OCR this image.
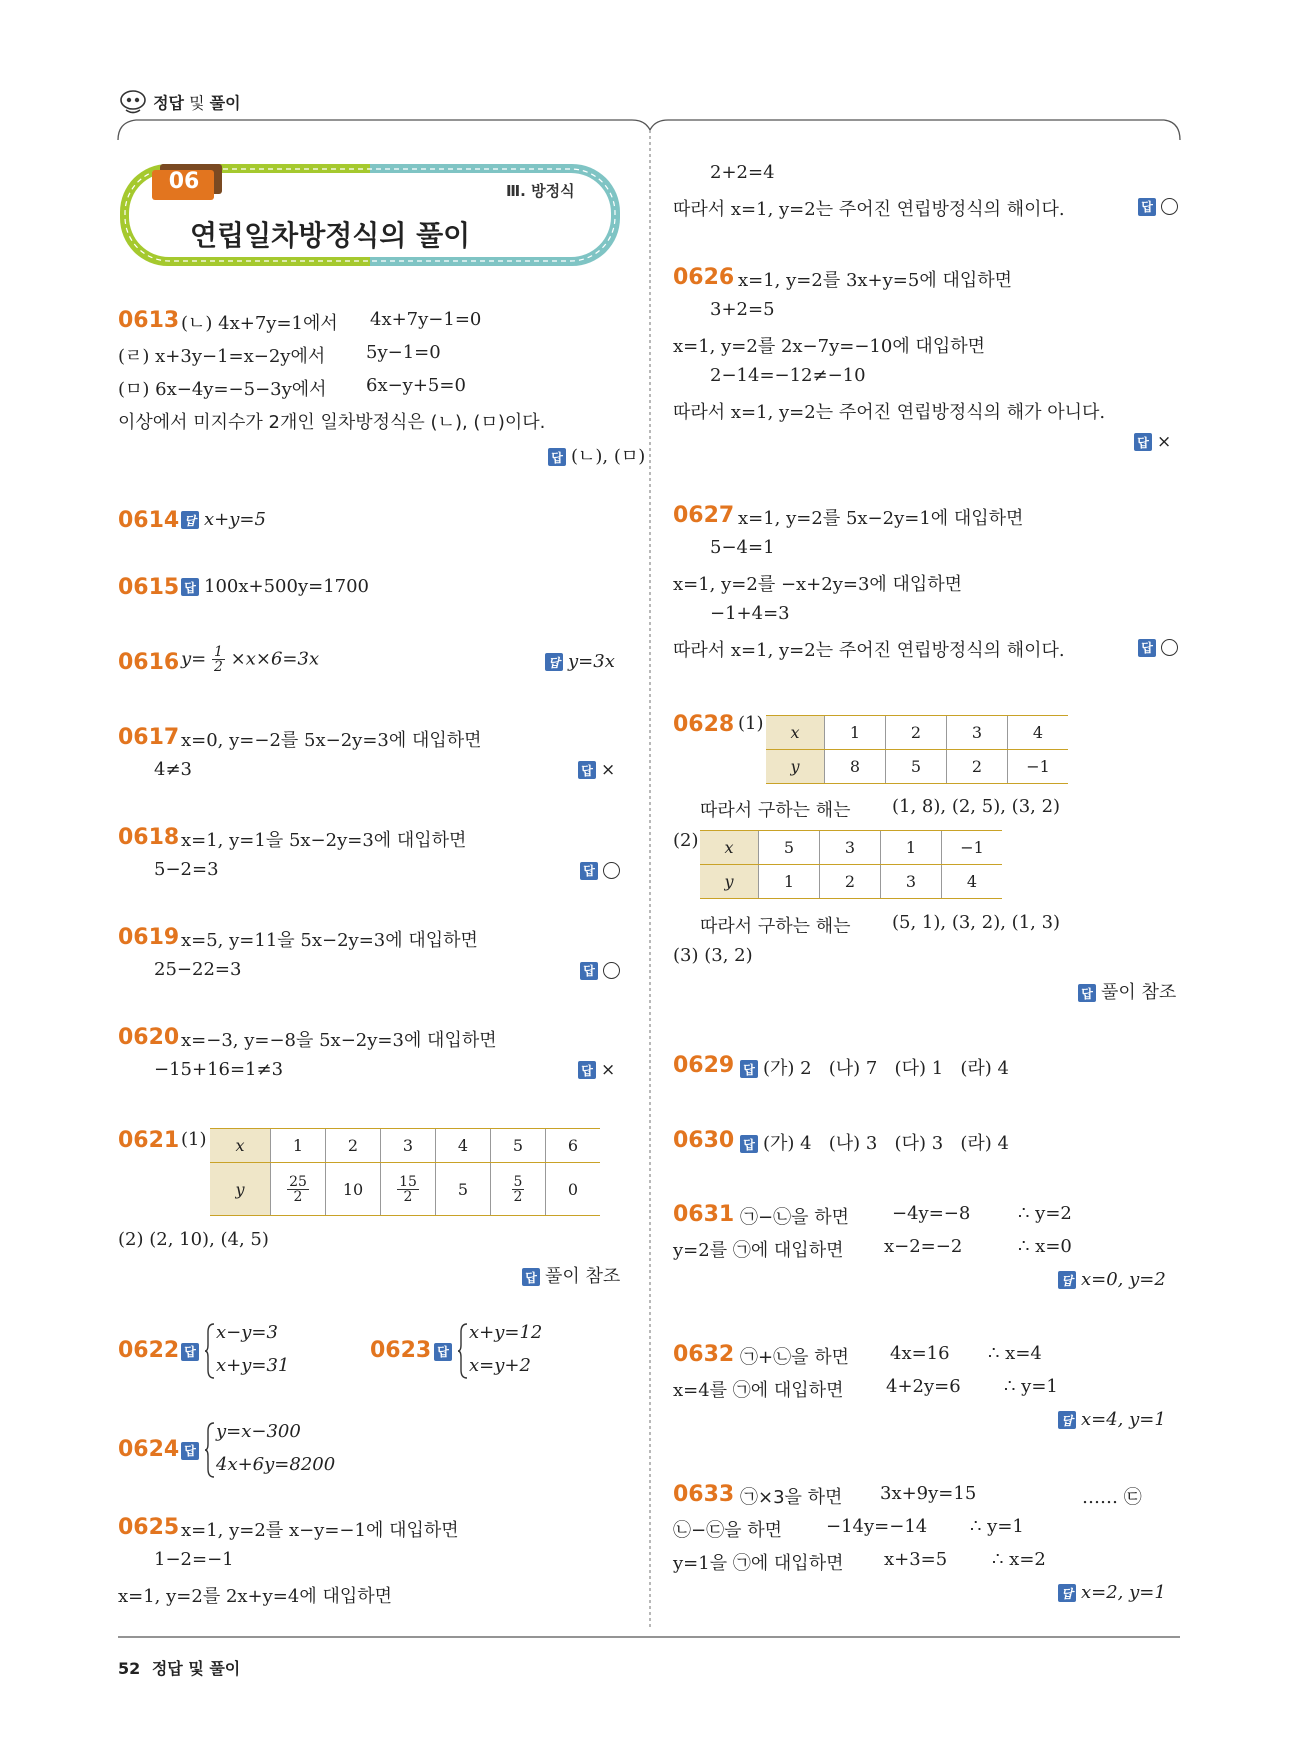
정답 및 풀이
06	Ⅲ. 방정식
연립일차방정식의 풀이
0613 (ㄴ) 4x+7y=1에서 4x+7y−1=0
(ㄹ) x+3y−1=x−2y에서 5y−1=0
(ㅁ) 6x−4y=−5−3y에서 6x−y+5=0
이상에서 미지수가 2개인 일차방정식은 (ㄴ), (ㅁ)이다.
답 (ㄴ), (ㅁ)
0614 답 x+y=5
0615 답 100x+500y=1700
0616 $y= \frac{1}{2} \times x\times 6=3x$	답 y=3x
0617 x=0, y=−2를 5x−2y=3에 대입하면
4≠3	답 ×
0618 x=1, y=1을 5x−2y=3에 대입하면
5−2=3	답
0619 x=5, y=11을 5x−2y=3에 대입하면
25−22=3	답
0620 x=−3, y=−8을 5x−2y=3에 대입하면
−15+16=1≠3	답 ×
0621 (1) x	1	2	3	4	5	6
y	$\frac{25}{2}$	10	$\frac{15}{2}$	5	$\frac{5}{2}$	0
(2) (2, 10), (4, 5)
답 풀이 참조
0622 답
x−y=3
x+y=31
0623 답
x+y=12
x=y+2
0624 답
y=x−300
4x+6y=8200
0625 x=1, y=2를 x−y=−1에 대입하면
1−2=−1
x=1, y=2를 2x+y=4에 대입하면
2+2=4
따라서 x=1, y=2는 주어진 연립방정식의 해이다.	답
0626 x=1, y=2를 3x+y=5에 대입하면
3+2=5
x=1, y=2를 2x−7y=−10에 대입하면
2−14=−12≠−10
따라서 x=1, y=2는 주어진 연립방정식의 해가 아니다.
답 ×
0627 x=1, y=2를 5x−2y=1에 대입하면
5−4=1
x=1, y=2를 −x+2y=3에 대입하면
−1+4=3
따라서 x=1, y=2는 주어진 연립방정식의 해이다.	답
0628 (1) x	1	2	3	4
y	8	5	2	−1
따라서 구하는 해는 (1, 8), (2, 5), (3, 2)
(2) x	5	3	1	−1
y	1	2	3	4
따라서 구하는 해는 (5, 1), (3, 2), (1, 3)
(3) (3, 2)
답 풀이 참조
0629 답 (가) 2   (나) 7   (다) 1   (라) 4
0630 답 (가) 4   (나) 3   (다) 3   (라) 4
0631 ㉠−㉡을 하면 −4y=−8	∴ y=2
y=2를 ㉠에 대입하면 x−2=−2	∴ x=0
답 x=0, y=2
0632 ㉠+㉡을 하면 4x=16 ∴ x=4
x=4를 ㉠에 대입하면 4+2y=6 ∴ y=1
답 x=4, y=1
0633 ㉠×3을 하면 3x+9y=15	…… ㉢
㉡−㉢을 하면 −14y=−14 ∴ y=1
y=1을 ㉠에 대입하면 x+3=5 ∴ x=2
답 x=2, y=1
52 정답 및 풀이
